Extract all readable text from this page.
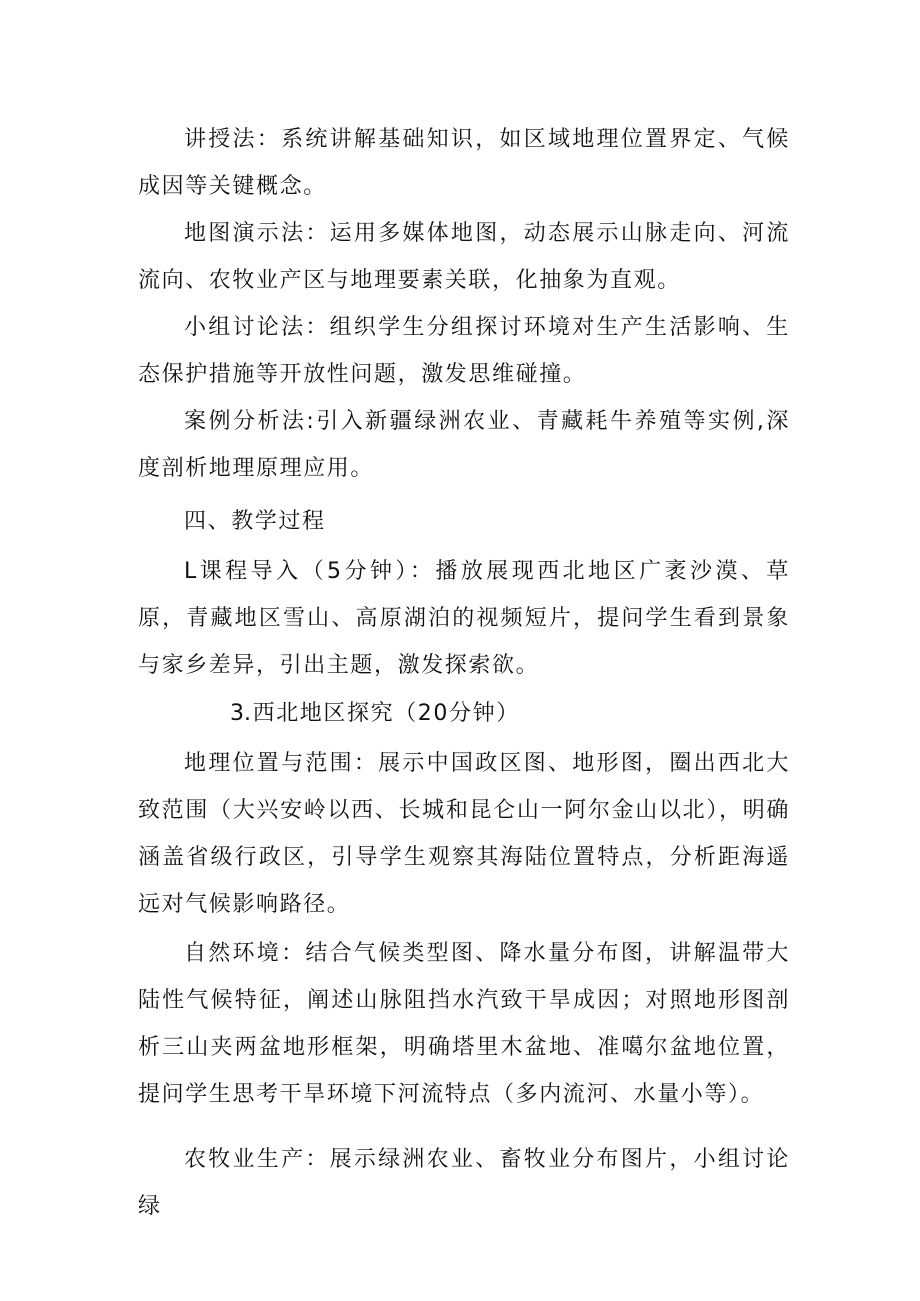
讲授法：系统讲解基础知识，如区域地理位置界定、气候成因等关键概念。

地图演示法：运用多媒体地图，动态展示山脉走向、河流流向、农牧业产区与地理要素关联，化抽象为直观。

小组讨论法：组织学生分组探讨环境对生产生活影响、生态保护措施等开放性问题，激发思维碰撞。

案例分析法:引入新疆绿洲农业、青藏耗牛养殖等实例,深度剖析地理原理应用。

四、教学过程

L课程导入（5分钟）：播放展现西北地区广袤沙漠、草原，青藏地区雪山、高原湖泊的视频短片，提问学生看到景象与家乡差异，引出主题，激发探索欲。

3.西北地区探究（20分钟）

地理位置与范围：展示中国政区图、地形图，圈出西北大致范围（大兴安岭以西、长城和昆仑山一阿尔金山以北），明确涵盖省级行政区，引导学生观察其海陆位置特点，分析距海遥远对气候影响路径。

自然环境：结合气候类型图、降水量分布图，讲解温带大陆性气候特征，阐述山脉阻挡水汽致干旱成因；对照地形图剖析三山夹两盆地形框架，明确塔里木盆地、准噶尔盆地位置，提问学生思考干旱环境下河流特点（多内流河、水量小等）。

农牧业生产：展示绿洲农业、畜牧业分布图片，小组讨论绿
